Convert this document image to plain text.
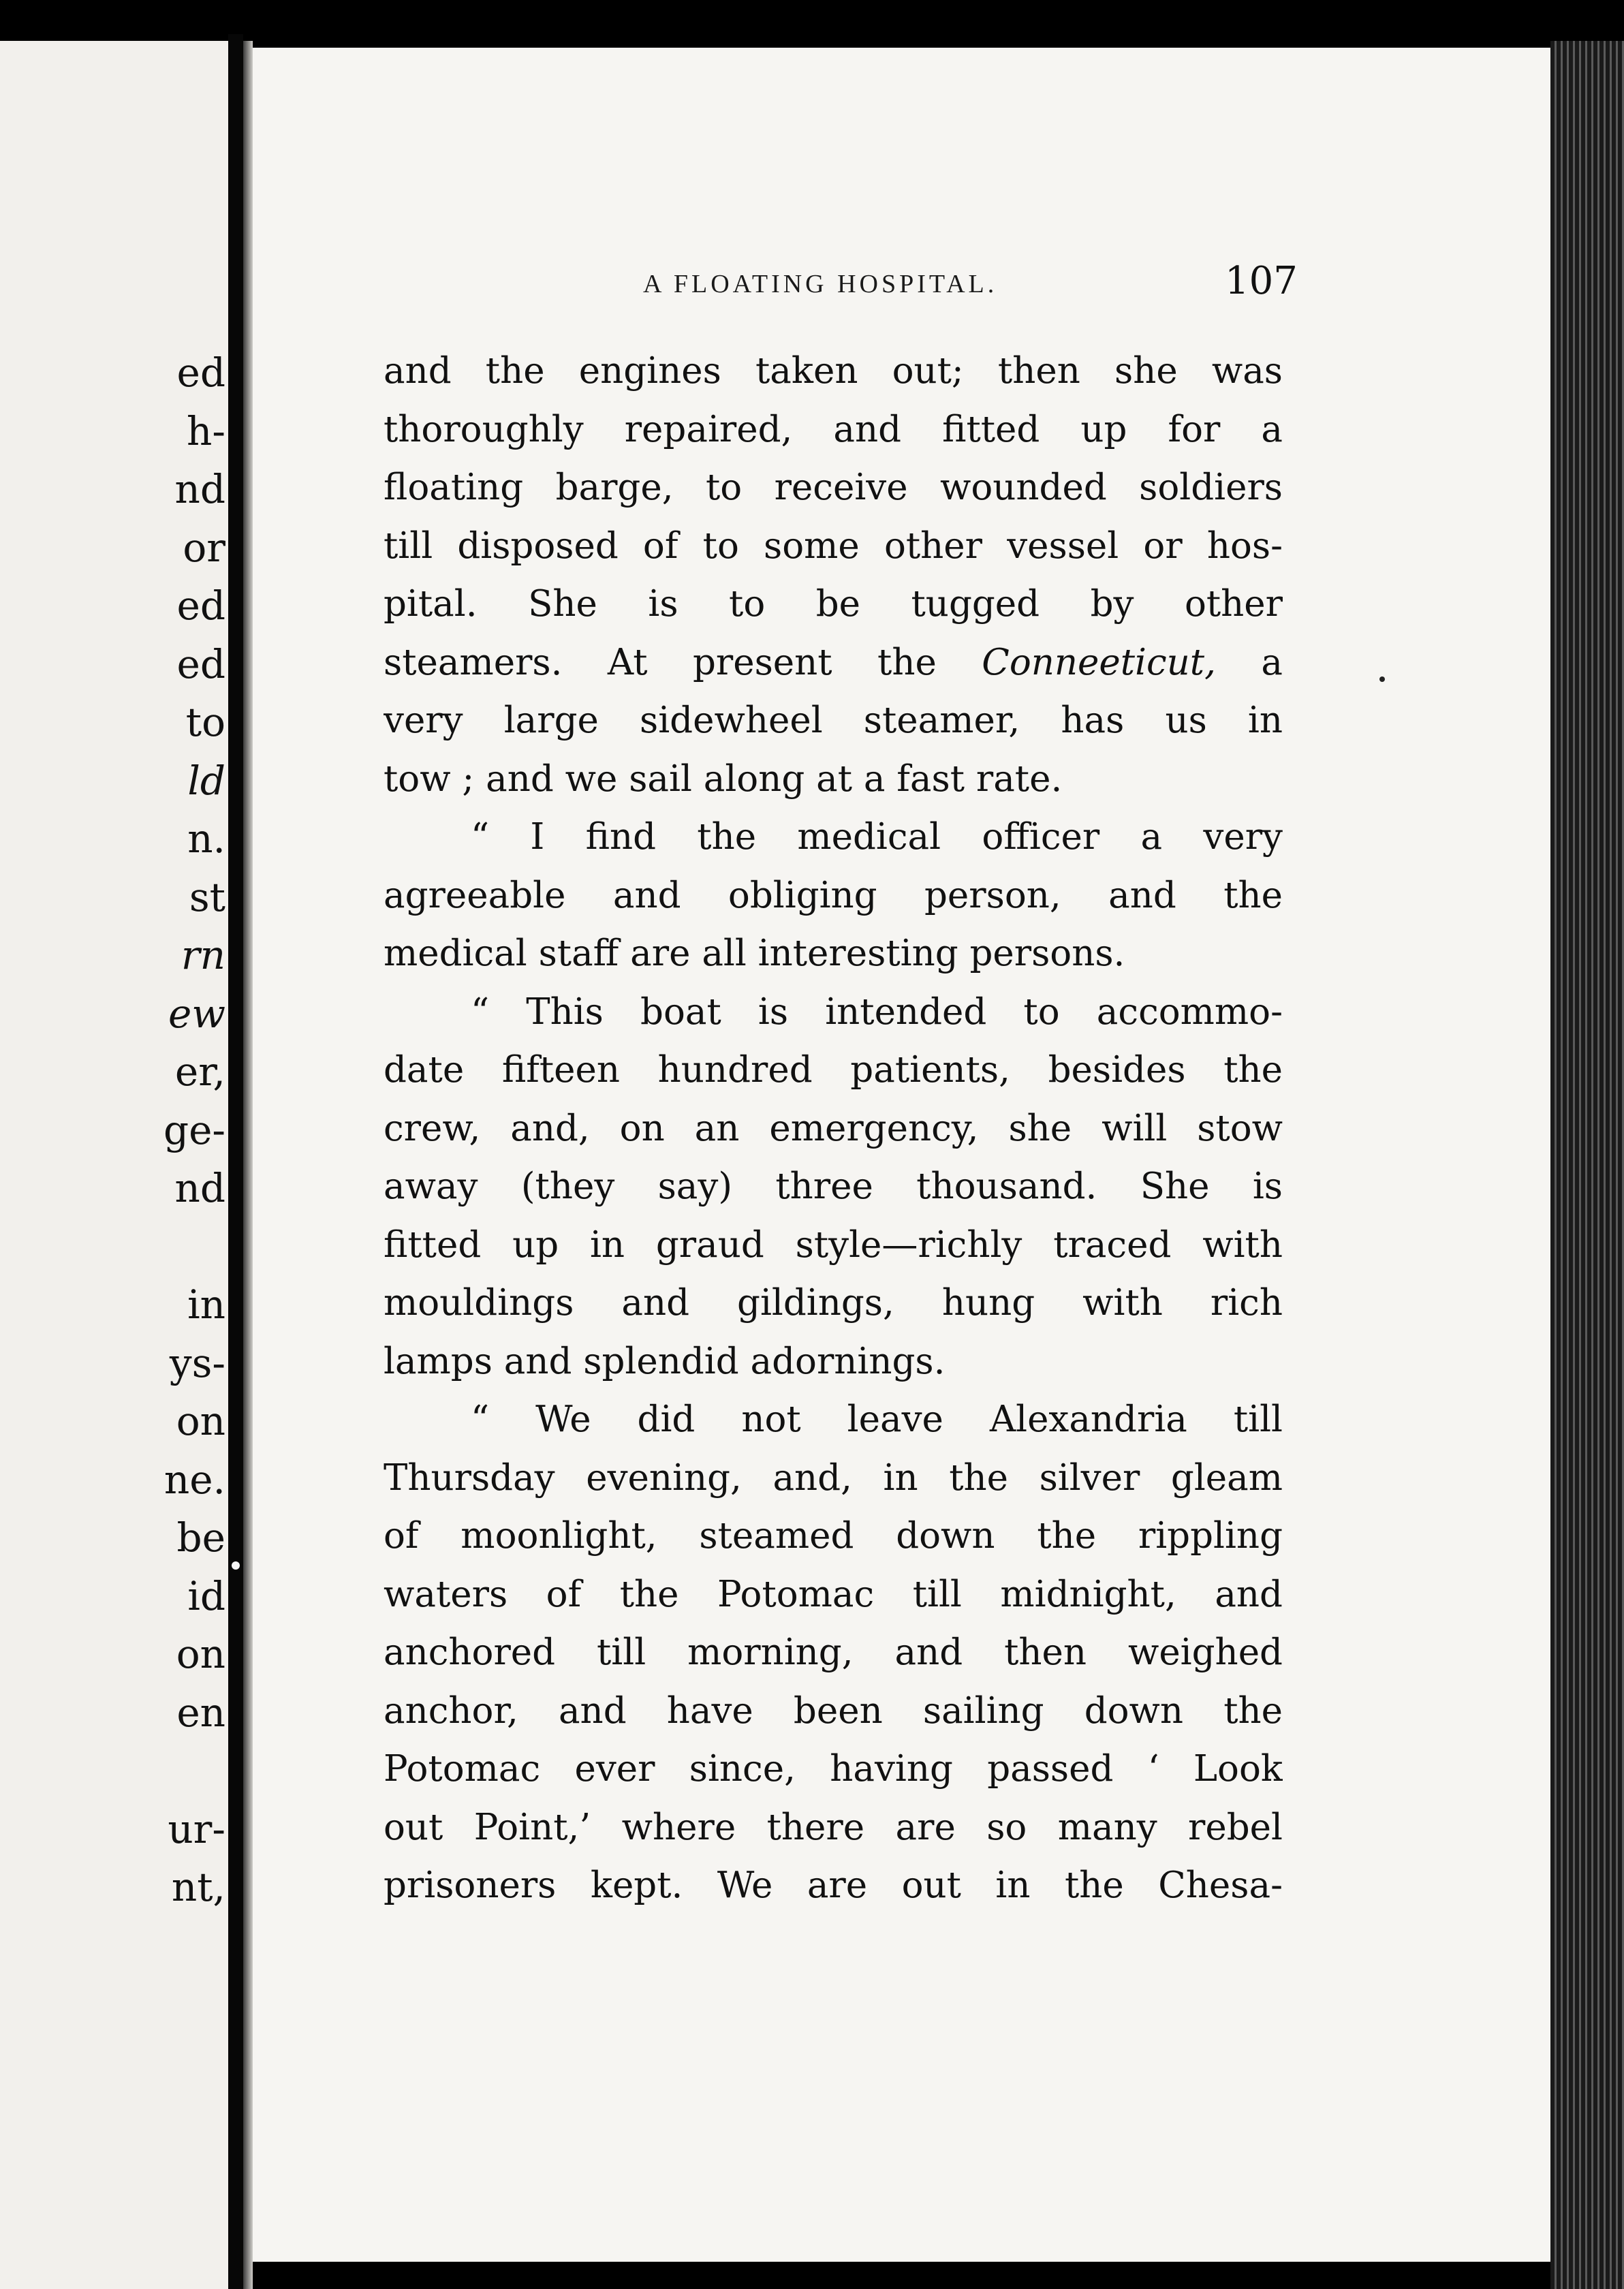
ed
h-
nd
or
ed
ed
to
ld
n.
st
rn
ew
er,
ge-
nd
in
ys-
on
ne.
be
id
on
en
ur-
nt,
A FLOATING HOSPITAL.	107
and the engines taken out; then she was
thoroughly repaired, and fitted up for a
floating barge, to receive wounded soldiers
till disposed of to some other vessel or hos-
pital. She is to be tugged by other
steamers. At present the Conneeticut, a
very large sidewheel steamer, has us in
tow ; and we sail along at a fast rate.
“ I find the medical officer a very
agreeable and obliging person, and the
medical staff are all interesting persons.
“ This boat is intended to accommo-
date fifteen hundred patients, besides the
crew, and, on an emergency, she will stow
away (they say) three thousand. She is
fitted up in graud style—richly traced with
mouldings and gildings, hung with rich
lamps and splendid adornings.
“ We did not leave Alexandria till
Thursday evening, and, in the silver gleam
of moonlight, steamed down the rippling
waters of the Potomac till midnight, and
anchored till morning, and then weighed
anchor, and have been sailing down the
Potomac ever since, having passed ‘ Look
out Point,’ where there are so many rebel
prisoners kept. We are out in the Chesa-
